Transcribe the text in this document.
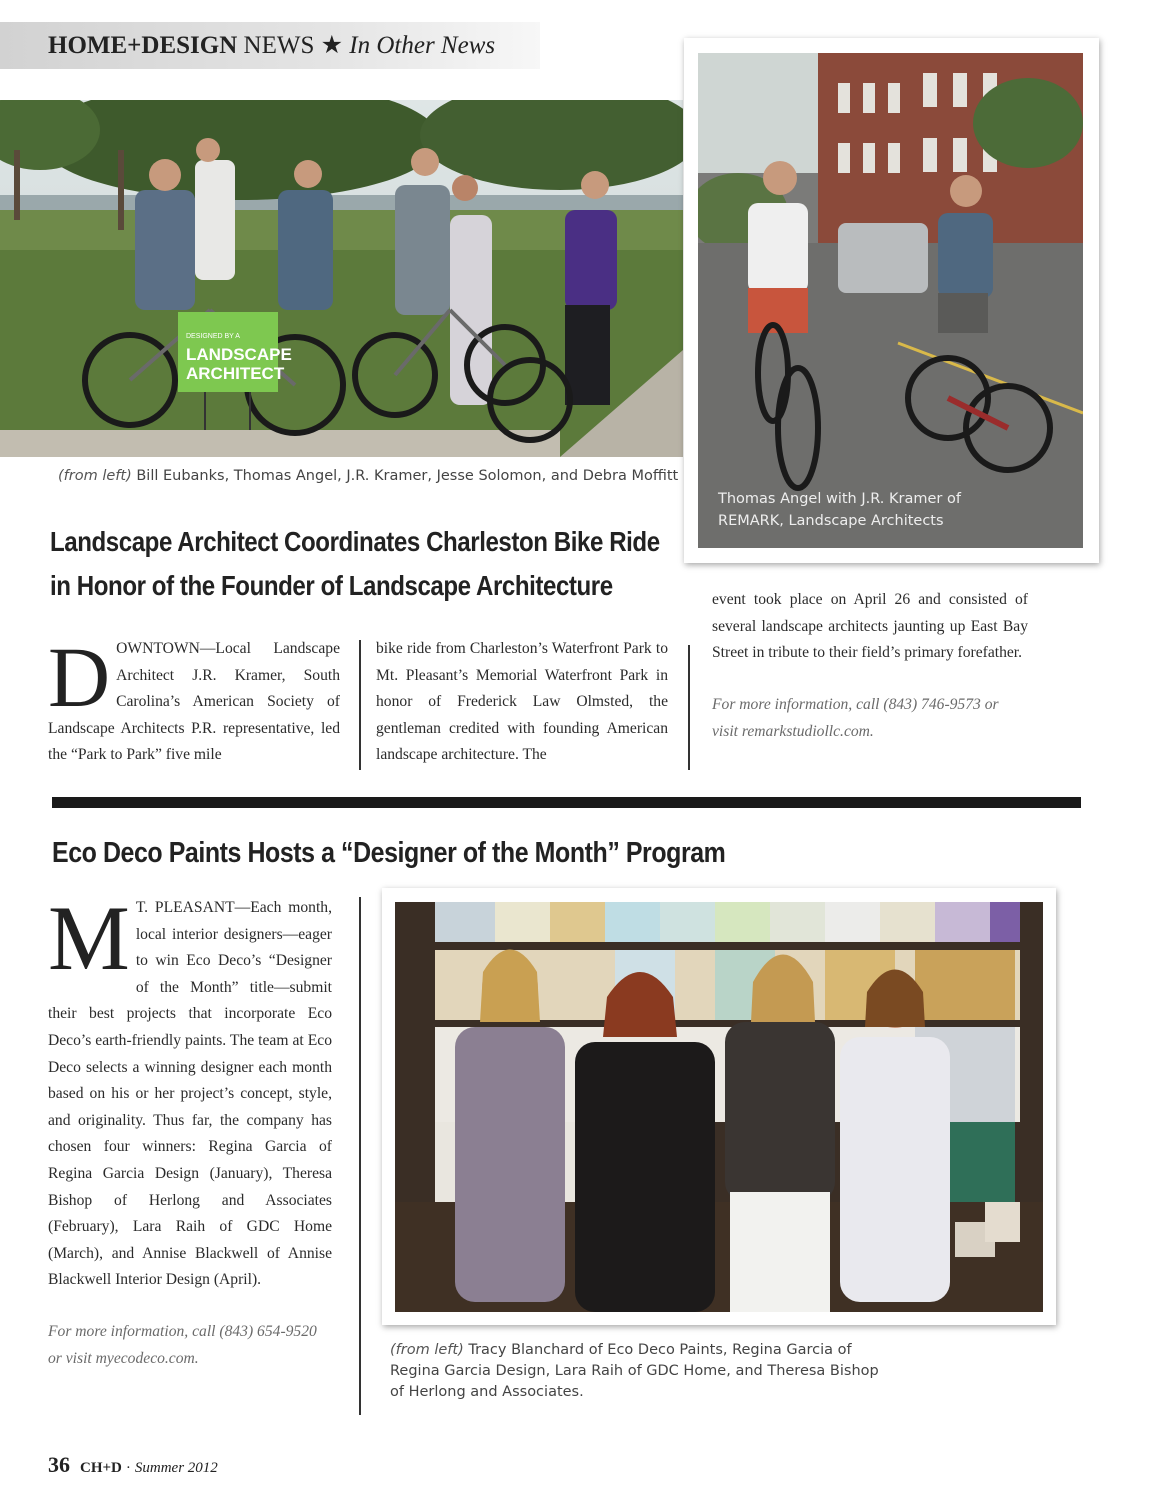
HOME+DESIGN NEWS ★ In Other News
DESIGNED BY A
LANDSCAPE
ARCHITECT
(from left) Bill Eubanks, Thomas Angel, J.R. Kramer, Jesse Solomon, and Debra Moffitt
Thomas Angel with J.R. Kramer of
REMARK, Landscape Architects
Landscape Architect Coordinates Charleston Bike Ride
in Honor of the Founder of Landscape Architecture
D OWNTOWN—Local Landscape Architect J.R. Kramer, South Carolina’s American Society of Landscape Architects P.R. representative, led the “Park to Park” five mile
bike ride from Charleston’s Waterfront Park to Mt. Pleasant’s Memorial Waterfront Park in honor of Frederick Law Olmsted, the gentleman credited with founding American landscape architecture. The

event took place on April 26 and consisted of several landscape architects jaunting up East Bay Street in tribute to their field’s primary forefather.

For more information, call (843) 746-9573 or visit remarkstudiollc.com.

Eco Deco Paints Hosts a “Designer of the Month” Program
M T. PLEASANT—Each month, local interior designers—eager to win Eco Deco’s “Designer of the Month” title—submit their best projects that incorporate Eco Deco’s earth-friendly paints. The team at Eco Deco selects a winning designer each month based on his or her project’s concept, style, and originality. Thus far, the company has chosen four winners: Regina Garcia of Regina Garcia Design (January), Theresa Bishop of Herlong and Associates (February), Lara Raih of GDC Home (March), and Annise Blackwell of Annise Blackwell Interior Design (April).

For more information, call (843) 654-9520 or visit myecodeco.com.	(from left) Tracy Blanchard of Eco Deco Paints, Regina Garcia of Regina Garcia Design, Lara Raih of GDC Home, and Theresa Bishop of Herlong and Associates.
36 CH+D · Summer 2012
